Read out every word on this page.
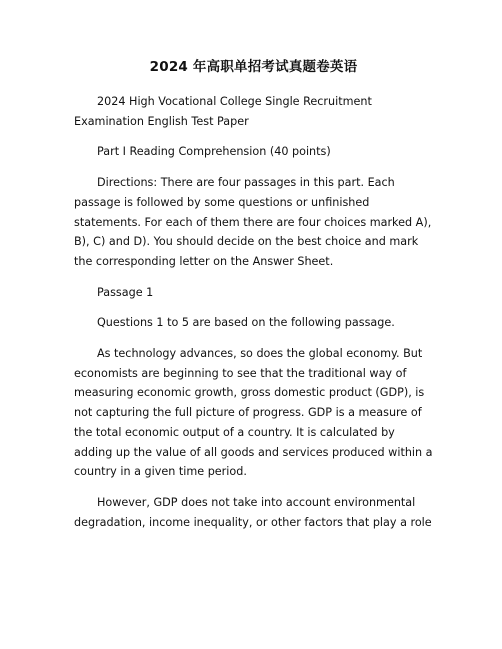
2024 年高职单招考试真题卷英语

2024 High Vocational College Single Recruitment Examination English Test Paper

Part I Reading Comprehension (40 points)

Directions: There are four passages in this part. Each passage is followed by some questions or unfinished statements. For each of them there are four choices marked A), B), C) and D). You should decide on the best choice and mark the corresponding letter on the Answer Sheet.

Passage 1

Questions 1 to 5 are based on the following passage.

As technology advances, so does the global economy. But economists are beginning to see that the traditional way of measuring economic growth, gross domestic product (GDP), is not capturing the full picture of progress. GDP is a measure of the total economic output of a country. It is calculated by adding up the value of all goods and services produced within a country in a given time period.

However, GDP does not take into account environmental degradation, income inequality, or other factors that play a role
